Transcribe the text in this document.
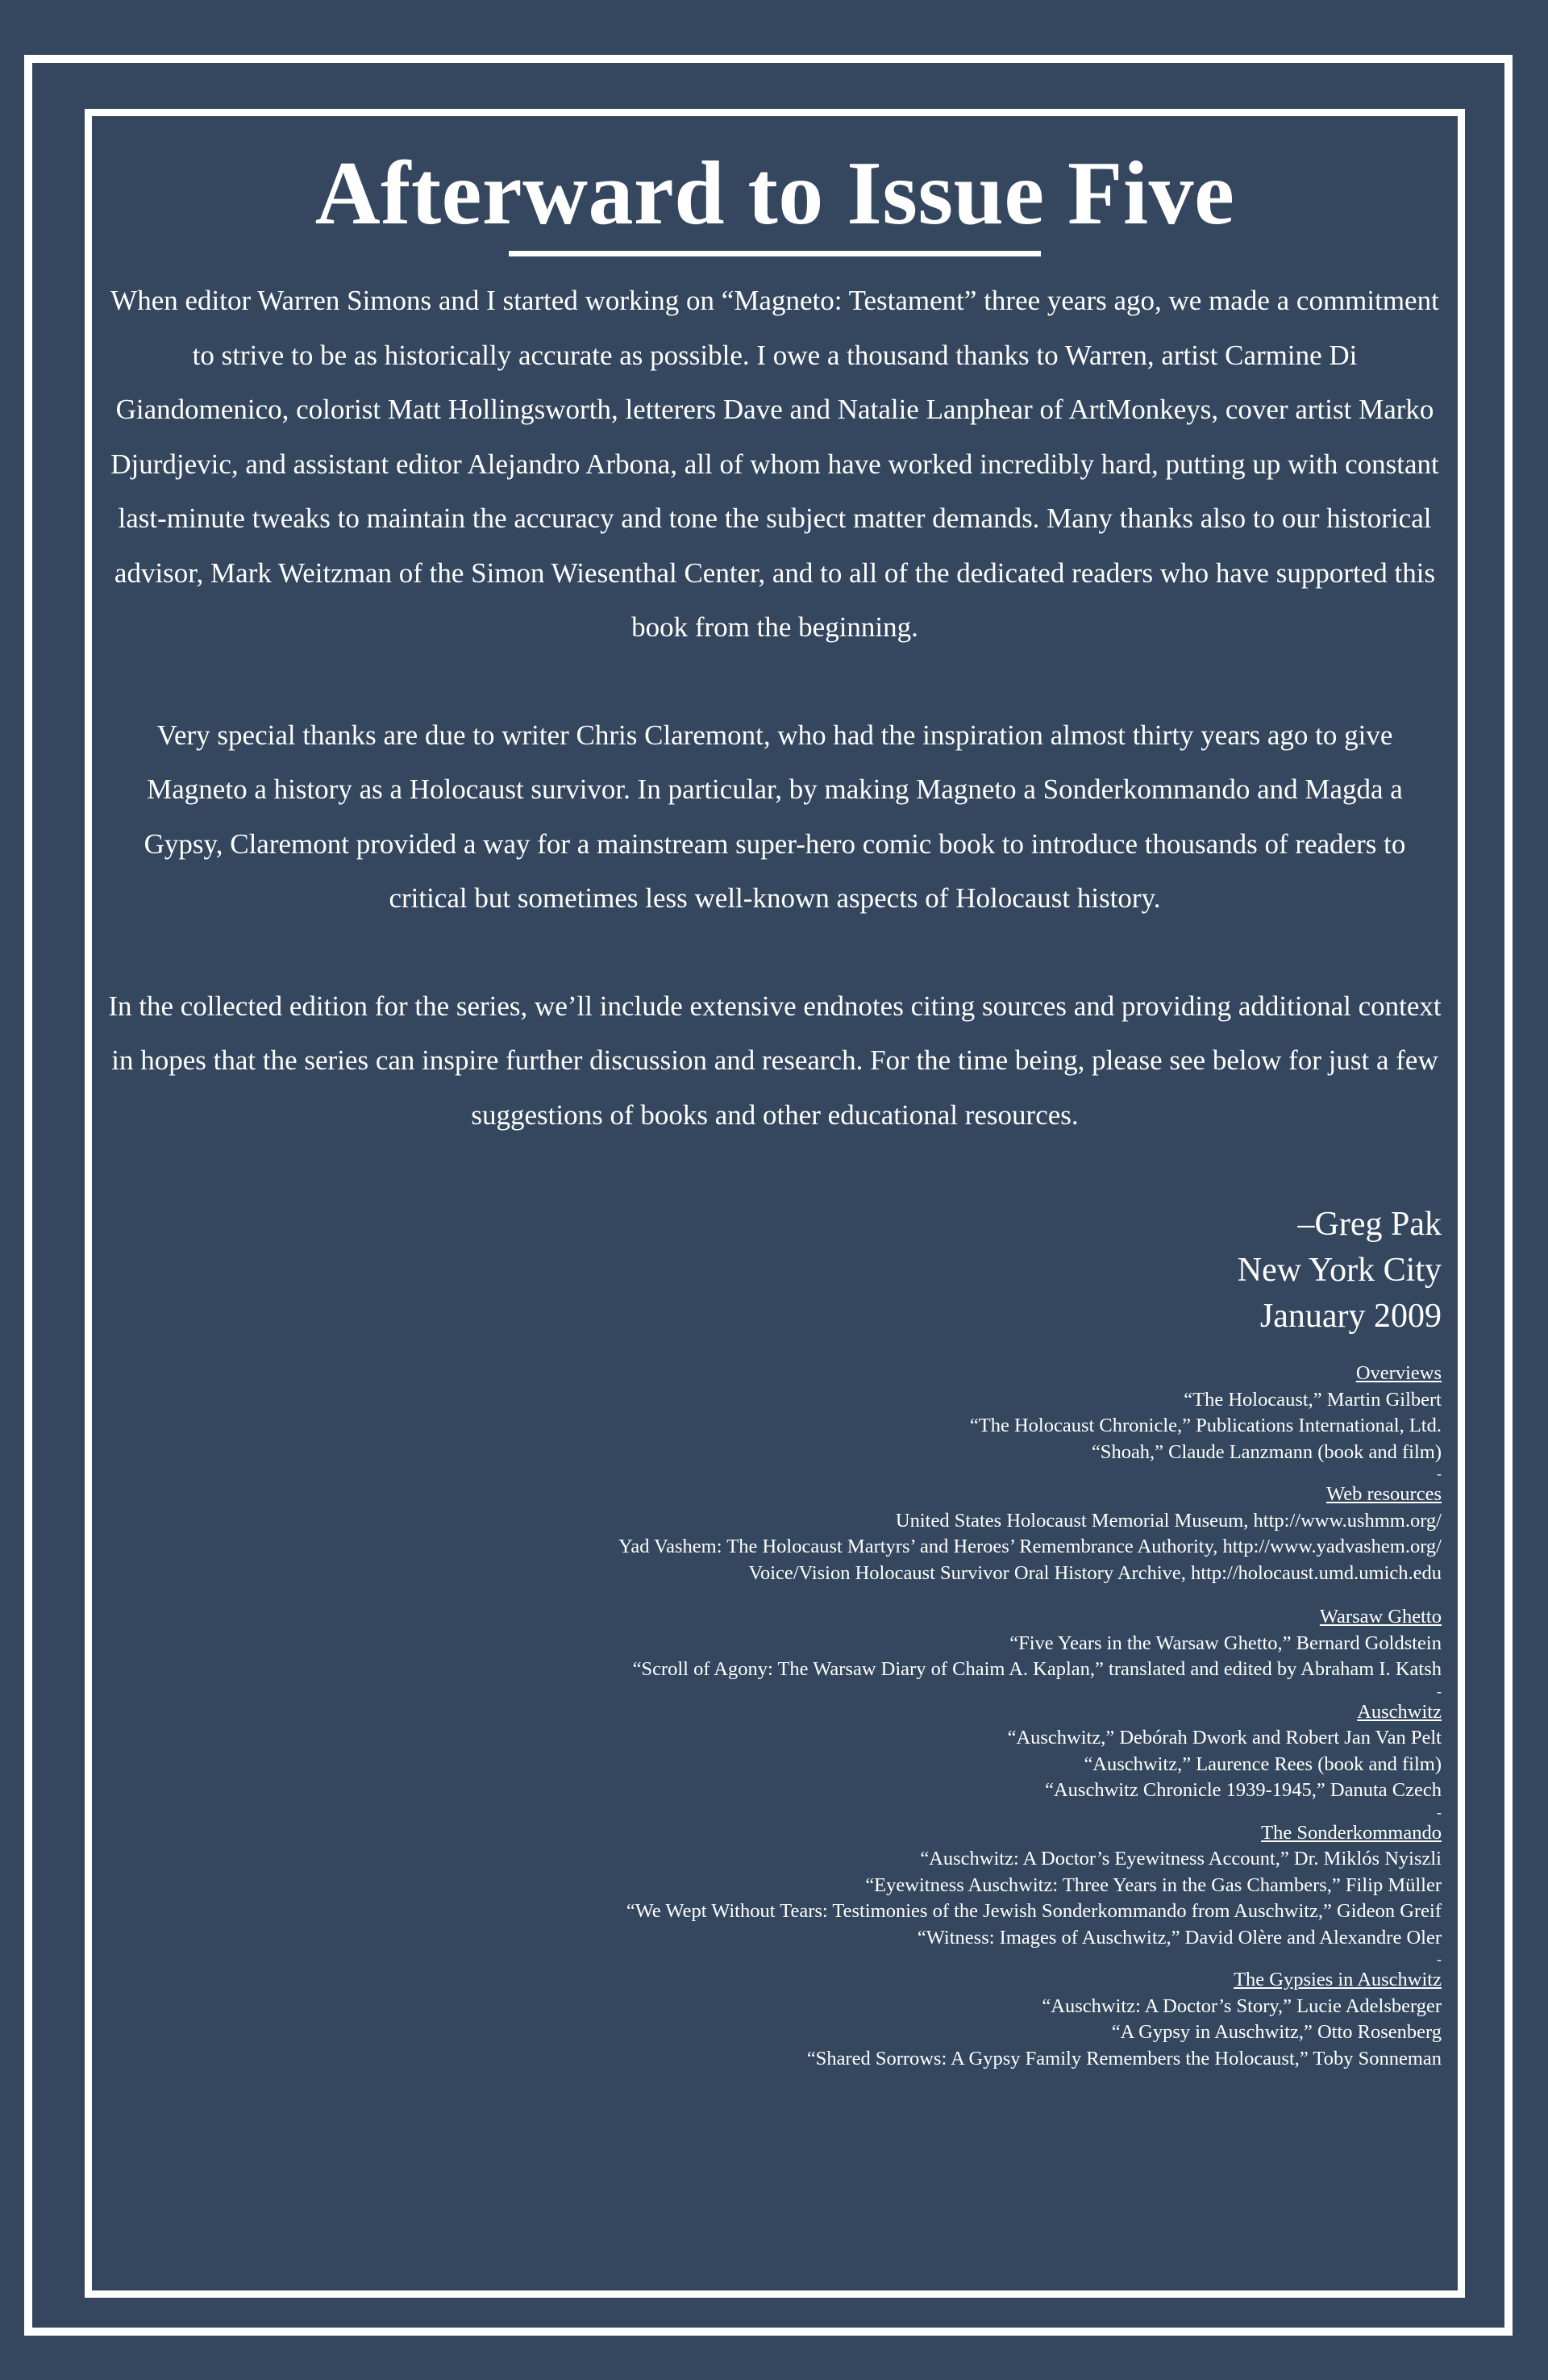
Afterward to Issue Five

When editor Warren Simons and I started working on “Magneto: Testament” three years ago, we made a commitment to strive to be as historically accurate as possible. I owe a thousand thanks to Warren, artist Carmine Di Giandomenico, colorist Matt Hollingsworth, letterers Dave and Natalie Lanphear of ArtMonkeys, cover artist Marko Djurdjevic, and assistant editor Alejandro Arbona, all of whom have worked incredibly hard, putting up with constant last-minute tweaks to maintain the accuracy and tone the subject matter demands. Many thanks also to our historical advisor, Mark Weitzman of the Simon Wiesenthal Center, and to all of the dedicated readers who have supported this book from the beginning.

Very special thanks are due to writer Chris Claremont, who had the inspiration almost thirty years ago to give Magneto a history as a Holocaust survivor. In particular, by making Magneto a Sonderkommando and Magda a Gypsy, Claremont provided a way for a mainstream super-hero comic book to introduce thousands of readers to critical but sometimes less well-known aspects of Holocaust history.

In the collected edition for the series, we’ll include extensive endnotes citing sources and providing additional context in hopes that the series can inspire further discussion and research. For the time being, please see below for just a few suggestions of books and other educational resources.

–Greg Pak
New York City
January 2009
Overviews
“The Holocaust,” Martin Gilbert
“The Holocaust Chronicle,” Publications International, Ltd.
“Shoah,” Claude Lanzmann (book and film)
-
Web resources
United States Holocaust Memorial Museum, http://www.ushmm.org/
Yad Vashem: The Holocaust Martyrs’ and Heroes’ Remembrance Authority, http://www.yadvashem.org/
Voice/Vision Holocaust Survivor Oral History Archive, http://holocaust.umd.umich.edu
Warsaw Ghetto
“Five Years in the Warsaw Ghetto,” Bernard Goldstein
“Scroll of Agony: The Warsaw Diary of Chaim A. Kaplan,” translated and edited by Abraham I. Katsh
-
Auschwitz
“Auschwitz,” Debórah Dwork and Robert Jan Van Pelt
“Auschwitz,” Laurence Rees (book and film)
“Auschwitz Chronicle 1939-1945,” Danuta Czech
-
The Sonderkommando
“Auschwitz: A Doctor’s Eyewitness Account,” Dr. Miklós Nyiszli
“Eyewitness Auschwitz: Three Years in the Gas Chambers,” Filip Müller
“We Wept Without Tears: Testimonies of the Jewish Sonderkommando from Auschwitz,” Gideon Greif
“Witness: Images of Auschwitz,” David Olère and Alexandre Oler
-
The Gypsies in Auschwitz
“Auschwitz: A Doctor’s Story,” Lucie Adelsberger
“A Gypsy in Auschwitz,” Otto Rosenberg
“Shared Sorrows: A Gypsy Family Remembers the Holocaust,” Toby Sonneman
